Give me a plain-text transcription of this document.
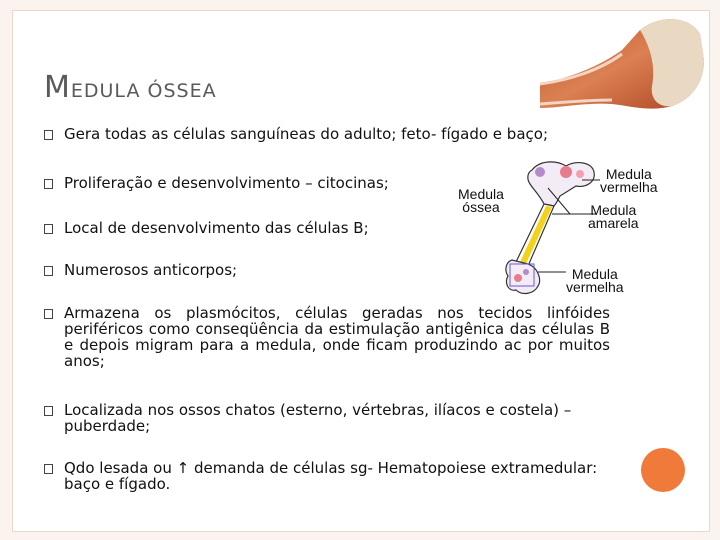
MEDULA ÓSSEA
Gera todas as células sanguíneas do adulto; feto- fígado e baço;
Proliferação e desenvolvimento – citocinas;
Local de desenvolvimento das células B;
Numerosos anticorpos;
Armazena os plasmócitos, células geradas nos tecidos linfóides periféricos como conseqüência da estimulação antigênica das células B e depois migram para a medula, onde ficam produzindo ac por muitos anos;
Localizada nos ossos chatos (esterno, vértebras, ilíacos e costela) – puberdade;
Qdo lesada ou ↑ demanda de células sg- Hematopoiese extramedular: baço e fígado.
Medula
óssea
Medula
vermelha
Medula
amarela
Medula
vermelha
